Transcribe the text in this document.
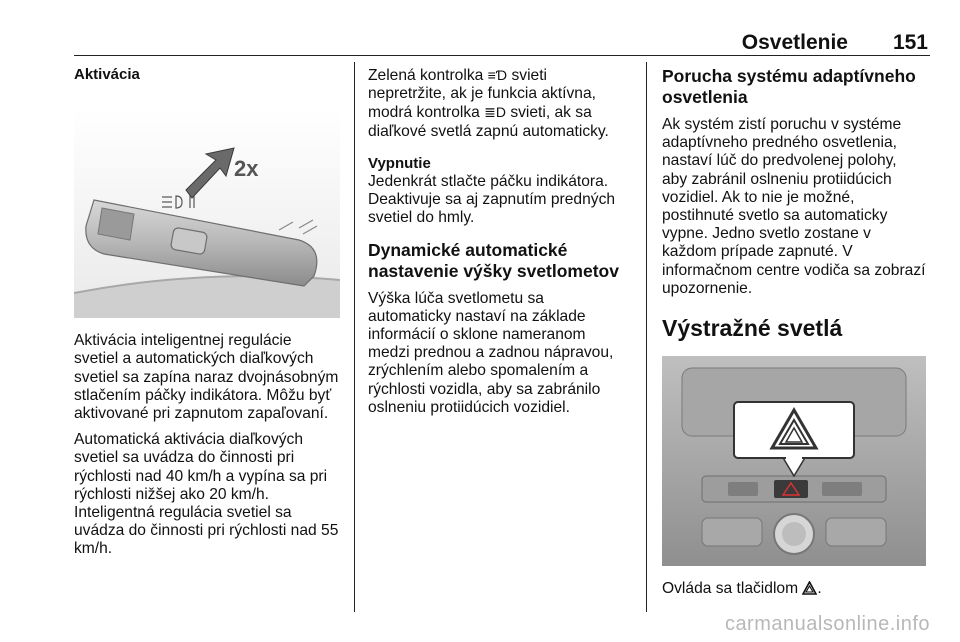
Osvetlenie 151
Aktivácia
2x

Aktivácia inteligentnej regulácie svetiel a automatických diaľkových svetiel sa zapína naraz dvojnásobným stlačením páčky indikátora. Môžu byť aktivované pri zapnutom zapaľovaní.

Automatická aktivácia diaľkových svetiel sa uvádza do činnosti pri rýchlosti nad 40 km/h a vypína sa pri rýchlosti nižšej ako 20 km/h. Inteligentná regulácia svetiel sa uvádza do činnosti pri rýchlosti nad 55 km/h.

Zelená kontrolka ≡Ɗ svieti nepretržite, ak je funkcia aktívna, modrá kontrolka ≣D svieti, ak sa diaľkové svetlá zapnú automaticky.

Vypnutie

Jedenkrát stlačte páčku indikátora. Deaktivuje sa aj zapnutím predných svetiel do hmly.

Dynamické automatické nastavenie výšky svetlometov

Výška lúča svetlometu sa automaticky nastaví na základe informácií o sklone nameranom medzi prednou a zadnou nápravou, zrýchlením alebo spomalením a rýchlosti vozidla, aby sa zabránilo oslneniu protiidúcich vozidiel.

Porucha systému adaptívneho osvetlenia

Ak systém zistí poruchu v systéme adaptívneho predného osvetlenia, nastaví lúč do predvolenej polohy, aby zabránil oslneniu protiidúcich vozidiel. Ak to nie je možné, postihnuté svetlo sa automaticky vypne. Jedno svetlo zostane v každom prípade zapnuté. V informačnom centre vodiča sa zobrazí upozornenie.

Výstražné svetlá

Ovláda sa tlačidlom .

carmanualsonline.info
